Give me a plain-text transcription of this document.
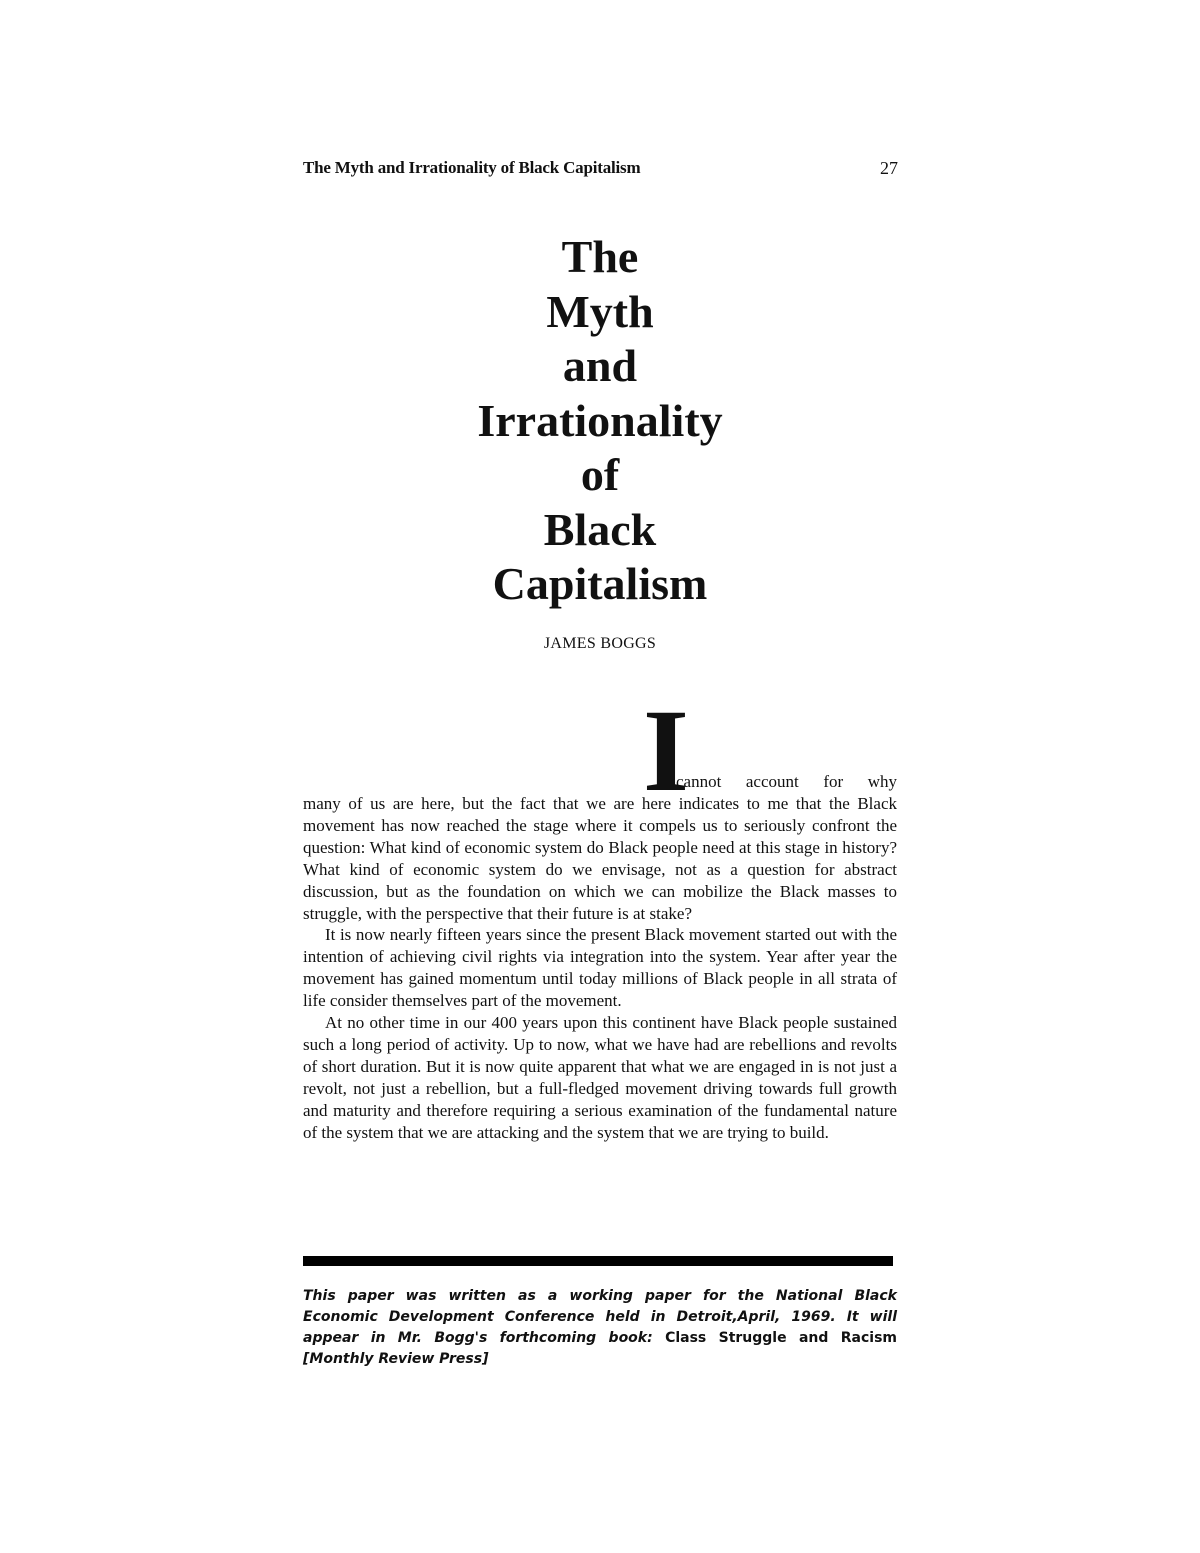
The Myth and Irrationality of Black Capitalism	27
The
Myth
and
Irrationality
of
Black
Capitalism
JAMES BOGGS
I
cannot account for why

many of us are here, but the fact that we are here indicates to me that the Black movement has now reached the stage where it compels us to seriously confront the question: What kind of economic system do Black people need at this stage in history? What kind of economic system do we envisage, not as a question for abstract discussion, but as the foundation on which we can mobilize the Black masses to struggle, with the perspective that their future is at stake?

It is now nearly fifteen years since the present Black movement started out with the intention of achieving civil rights via integration into the system. Year after year the movement has gained momentum until today millions of Black people in all strata of life consider themselves part of the movement.

At no other time in our 400 years upon this continent have Black people sustained such a long period of activity. Up to now, what we have had are rebellions and revolts of short duration. But it is now quite apparent that what we are engaged in is not just a revolt, not just a rebellion, but a full-fledged movement driving towards full growth and maturity and therefore requiring a serious examination of the fundamental nature of the system that we are attacking and the system that we are trying to build.

This paper was written as a working paper for the National Black Economic Development Conference held in Detroit,April, 1969. It will appear in Mr. Bogg's forthcoming book: Class Struggle and Racism [Monthly Review Press]
